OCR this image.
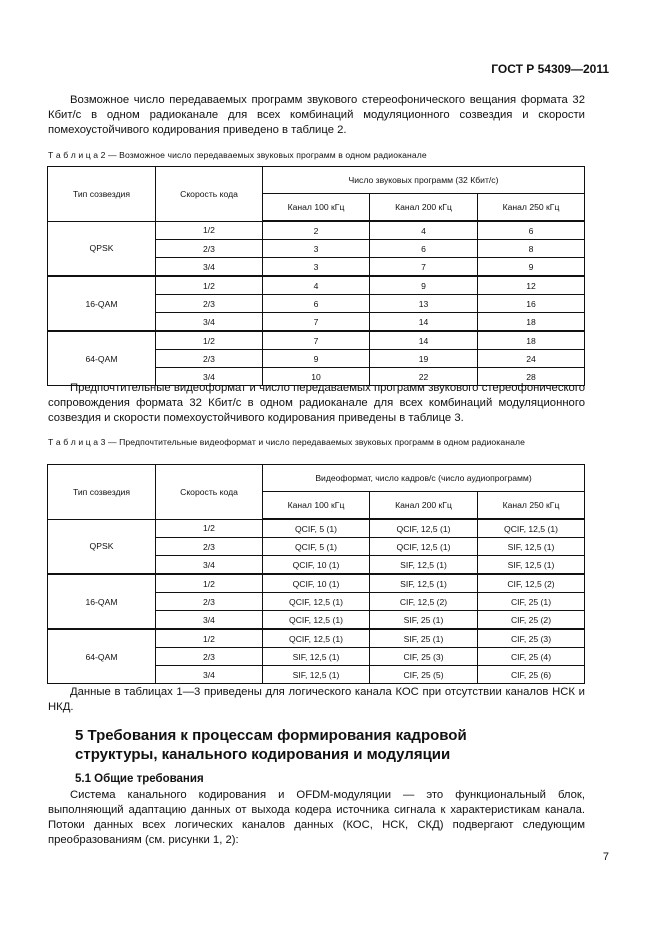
ГОСТ Р 54309—2011
Возможное число передаваемых программ звукового стереофонического вещания формата 32 Кбит/с в одном радиоканале для всех комбинаций модуляционного созвездия и скорости помехоустойчивого кодирования приведено в таблице 2.
Т а б л и ц а 2 — Возможное число передаваемых звуковых программ в одном радиоканале
Тип созвездия	Скорость кода	Число звуковых программ (32 Кбит/с)		
		Канал 100 кГц	Канал 200 кГц	Канал 250 кГц
QPSK	1/2	2	4	6
	2/3	3	6	8
	3/4	3	7	9
16-QAM	1/2	4	9	12
	2/3	6	13	16
	3/4	7	14	18
64-QAM	1/2	7	14	18
	2/3	9	19	24
	3/4	10	22	28
Предпочтительные видеоформат и число передаваемых программ звукового стереофонического сопровождения формата 32 Кбит/с в одном радиоканале для всех комбинаций модуляционного созвездия и скорости помехоустойчивого кодирования приведены в таблице 3.
Т а б л и ц а 3 — Предпочтительные видеоформат и число передаваемых звуковых программ в одном радиоканале
Тип созвездия	Скорость кода	Видеоформат, число кадров/с (число аудиопрограмм)		
		Канал 100 кГц	Канал 200 кГц	Канал 250 кГц
QPSK	1/2	QCIF, 5 (1)	QCIF, 12,5 (1)	QCIF, 12,5 (1)
	2/3	QCIF, 5 (1)	QCIF, 12,5 (1)	SIF, 12,5 (1)
	3/4	QCIF, 10 (1)	SIF, 12,5 (1)	SIF, 12,5 (1)
16-QAM	1/2	QCIF, 10 (1)	SIF, 12,5 (1)	CIF, 12,5 (2)
	2/3	QCIF, 12,5 (1)	CIF, 12,5 (2)	CIF, 25 (1)
	3/4	QCIF, 12,5 (1)	SIF, 25 (1)	CIF, 25 (2)
64-QAM	1/2	QCIF, 12,5 (1)	SIF, 25 (1)	CIF, 25 (3)
	2/3	SIF, 12,5 (1)	CIF, 25 (3)	CIF, 25 (4)
	3/4	SIF, 12,5 (1)	CIF, 25 (5)	CIF, 25 (6)
Данные в таблицах 1—3 приведены для логического канала КОС при отсутствии каналов НСК и НКД.
5 Требования к процессам формирования кадровой структуры, канального кодирования и модуляции
5.1 Общие требования
Система канального кодирования и OFDM-модуляции — это функциональный блок, выполняющий адаптацию данных от выхода кодера источника сигнала к характеристикам канала. Потоки данных всех логических каналов данных (КОС, НСК, СКД) подвергают следующим преобразованиям (см. рисунки 1, 2):
7
